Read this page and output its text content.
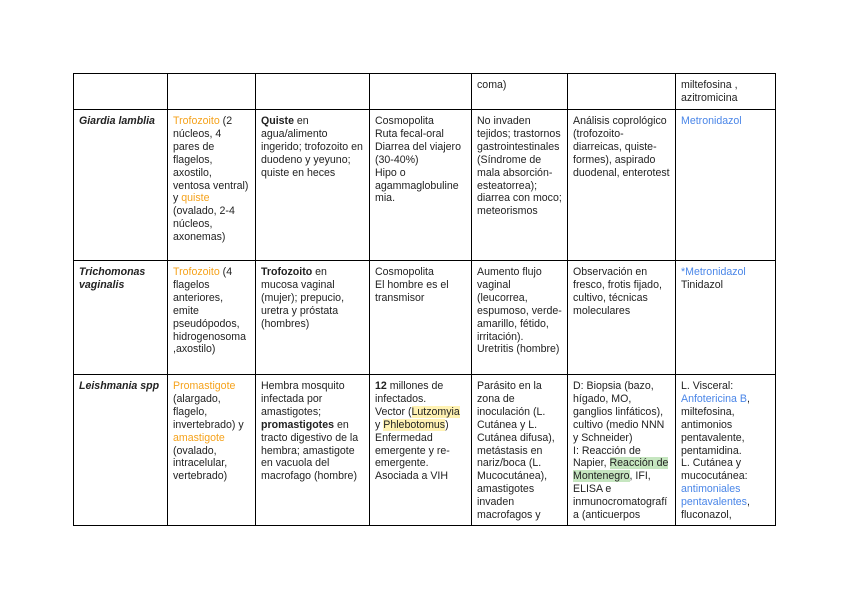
				coma)		miltefosina ,
azitromicina
Giardia lamblia	Trofozoito (2 núcleos, 4 pares de flagelos, axostilo, ventosa ventral) y quiste (ovalado, 2-4 núcleos, axonemas)	Quiste en agua/alimento ingerido; trofozoito en duodeno y yeyuno; quiste en heces	Cosmopolita
Ruta fecal-oral
Diarrea del viajero (30-40%)
Hipo o agammaglobulinemia.	No invaden tejidos; trastornos gastrointestinales (Síndrome de mala absorción-esteatorrea); diarrea con moco; meteorismos	Análisis coprológico (trofozoito-diarreicas, quiste-formes), aspirado duodenal, enterotest	Metronidazol
Trichomonas vaginalis	Trofozoito (4 flagelos anteriores, emite pseudópodos, hidrogenosoma ,axostilo)	Trofozoito en mucosa vaginal (mujer); prepucio, uretra y próstata (hombres)	Cosmopolita
El hombre es el transmisor	Aumento flujo vaginal (leucorrea, espumoso, verde-amarillo, fétido, irritación). Uretritis (hombre)	Observación en fresco, frotis fijado, cultivo, técnicas moleculares	*Metronidazol
Tinidazol
Leishmania spp	Promastigote (alargado, flagelo, invertebrado) y amastigote (ovalado, intracelular, vertebrado)	Hembra mosquito infectada por amastigotes; promastigotes en tracto digestivo de la hembra; amastigote en vacuola del macrofago (hombre)	12 millones de infectados.
Vector (Lutzomyia y Phlebotomus)
Enfermedad emergente y re-emergente.
Asociada a VIH	Parásito en la zona de inoculación (L. Cutánea y L. Cutánea difusa), metástasis en nariz/boca (L. Mucocutánea), amastigotes invaden macrofagos y	D: Biopsia (bazo, hígado, MO, ganglios linfáticos), cultivo (medio NNN y Schneider)
I: Reacción de Napier, Reacción de Montenegro, IFI, ELISA e inmunocromatografía (anticuerpos	L. Visceral:
Anfotericina B, miltefosina, antimonios pentavalente, pentamidina.
L. Cutánea y mucocutánea:
antimoniales pentavalentes, fluconazol,
